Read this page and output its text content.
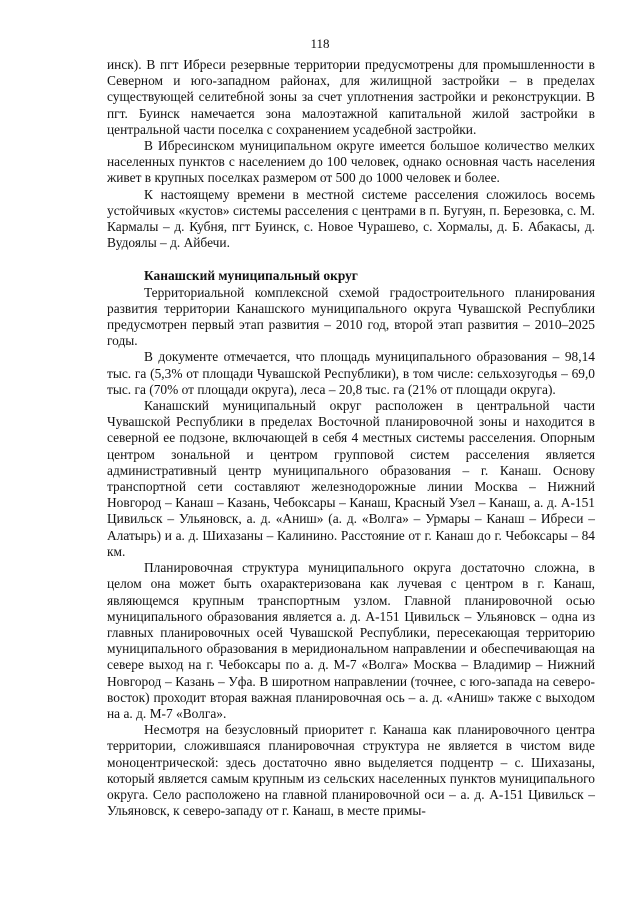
118

инск). В пгт Ибреси резервные территории предусмотрены для промышленности в Северном и юго-западном районах, для жилищной застройки – в пределах существующей селитебной зоны за счет уплотнения застройки и реконструкции. В пгт. Буинск намечается зона малоэтажной капитальной жилой застройки в центральной части поселка с сохранением усадебной застройки.

В Ибресинском муниципальном округе имеется большое количество мелких населенных пунктов с населением до 100 человек, однако основная часть населения живет в крупных поселках размером от 500 до 1000 человек и более.

К настоящему времени в местной системе расселения сложилось восемь устойчивых «кустов» системы расселения с центрами в п. Бугуян, п. Березовка, с. М. Кармалы – д. Кубня, пгт Буинск, с. Новое Чурашево, с. Хормалы, д. Б. Абакасы, д. Вудоялы – д. Айбечи.

Канашский муниципальный округ

Территориальной комплексной схемой градостроительного планирования развития территории Канашского муниципального округа Чувашской Республики предусмотрен первый этап развития – 2010 год, второй этап развития – 2010–2025 годы.

В документе отмечается, что площадь муниципального образования – 98,14 тыс. га (5,3% от площади Чувашской Республики), в том числе: сельхозугодья – 69,0 тыс. га (70% от площади округа), леса – 20,8 тыс. га (21% от площади округа).

Канашский муниципальный округ расположен в центральной части Чувашской Республики в пределах Восточной планировочной зоны и находится в северной ее подзоне, включающей в себя 4 местных системы расселения. Опорным центром зональной и центром групповой систем расселения является административный центр муниципального образования – г. Канаш. Основу транспортной сети составляют железнодорожные линии Москва – Нижний Новгород – Канаш – Казань, Чебоксары – Канаш, Красный Узел – Канаш, а. д. А-151 Цивильск – Ульяновск, а. д. «Аниш» (а. д. «Волга» – Урмары – Канаш – Ибреси – Алатырь) и а. д. Шихазаны – Калинино. Расстояние от г. Канаш до г. Чебоксары – 84 км.

Планировочная структура муниципального округа достаточно сложна, в целом она может быть охарактеризована как лучевая с центром в г. Канаш, являющемся крупным транспортным узлом. Главной планировочной осью муниципального образования является а. д. А-151 Цивильск – Ульяновск – одна из главных планировочных осей Чувашской Республики, пересекающая территорию муниципального образования в меридиональном направлении и обеспечивающая на севере выход на г. Чебоксары по а. д. М-7 «Волга» Москва – Владимир – Нижний Новгород – Казань – Уфа. В широтном направлении (точнее, с юго-запада на северо-восток) проходит вторая важная планировочная ось – а. д. «Аниш» также с выходом на а. д. М-7 «Волга».

Несмотря на безусловный приоритет г. Канаша как планировочного центра территории, сложившаяся планировочная структура не является в чистом виде моноцентрической: здесь достаточно явно выделяется подцентр – с. Шихазаны, который является самым крупным из сельских населенных пунктов муниципального округа. Село расположено на главной планировочной оси – а. д. А-151 Цивильск – Ульяновск, к северо-западу от г. Канаш, в месте примы-
